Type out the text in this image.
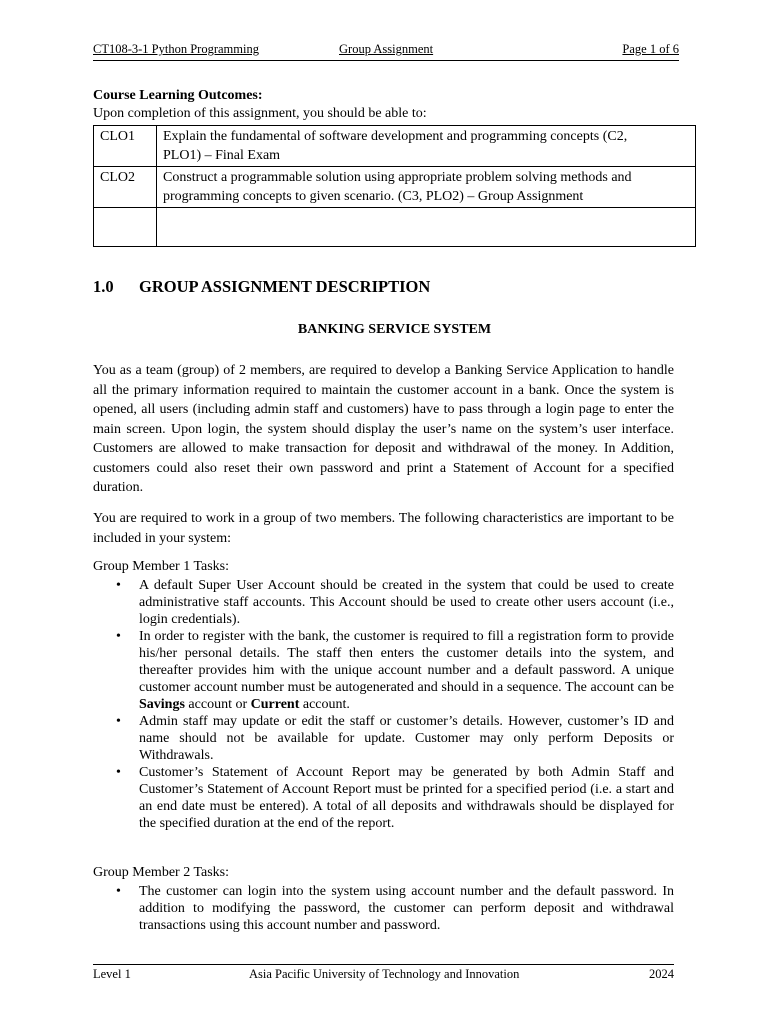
CT108-3-1 Python Programming	Group Assignment	Page 1 of 6
Course Learning Outcomes:
Upon completion of this assignment, you should be able to:
CLO1	Explain the fundamental of software development and programming concepts (C2,
PLO1) – Final Exam
CLO2	Construct a programmable solution using appropriate problem solving methods and
programming concepts to given scenario. (C3, PLO2) – Group Assignment

1.0 GROUP ASSIGNMENT DESCRIPTION
BANKING SERVICE SYSTEM

You as a team (group) of 2 members, are required to develop a Banking Service Application to handle all the primary information required to maintain the customer account in a bank. Once the system is opened, all users (including admin staff and customers) have to pass through a login page to enter the main screen. Upon login, the system should display the user’s name on the system’s user interface. Customers are allowed to make transaction for deposit and withdrawal of the money. In Addition, customers could also reset their own password and print a Statement of Account for a specified duration.

You are required to work in a group of two members. The following characteristics are important to be included in your system:

Group Member 1 Tasks:
• A default Super User Account should be created in the system that could be used to create administrative staff accounts. This Account should be used to create other users account (i.e., login credentials).
• In order to register with the bank, the customer is required to fill a registration form to provide his/her personal details. The staff then enters the customer details into the system, and thereafter provides him with the unique account number and a default password. A unique customer account number must be autogenerated and should in a sequence. The account can be Savings account or Current account.
• Admin staff may update or edit the staff or customer’s details. However, customer’s ID and name should not be available for update. Customer may only perform Deposits or Withdrawals.
• Customer’s Statement of Account Report may be generated by both Admin Staff and Customer’s Statement of Account Report must be printed for a specified period (i.e. a start and an end date must be entered). A total of all deposits and withdrawals should be displayed for the specified duration at the end of the report.
Group Member 2 Tasks:
• The customer can login into the system using account number and the default password. In addition to modifying the password, the customer can perform deposit and withdrawal transactions using this account number and password.
Level 1	Asia Pacific University of Technology and Innovation	2024
